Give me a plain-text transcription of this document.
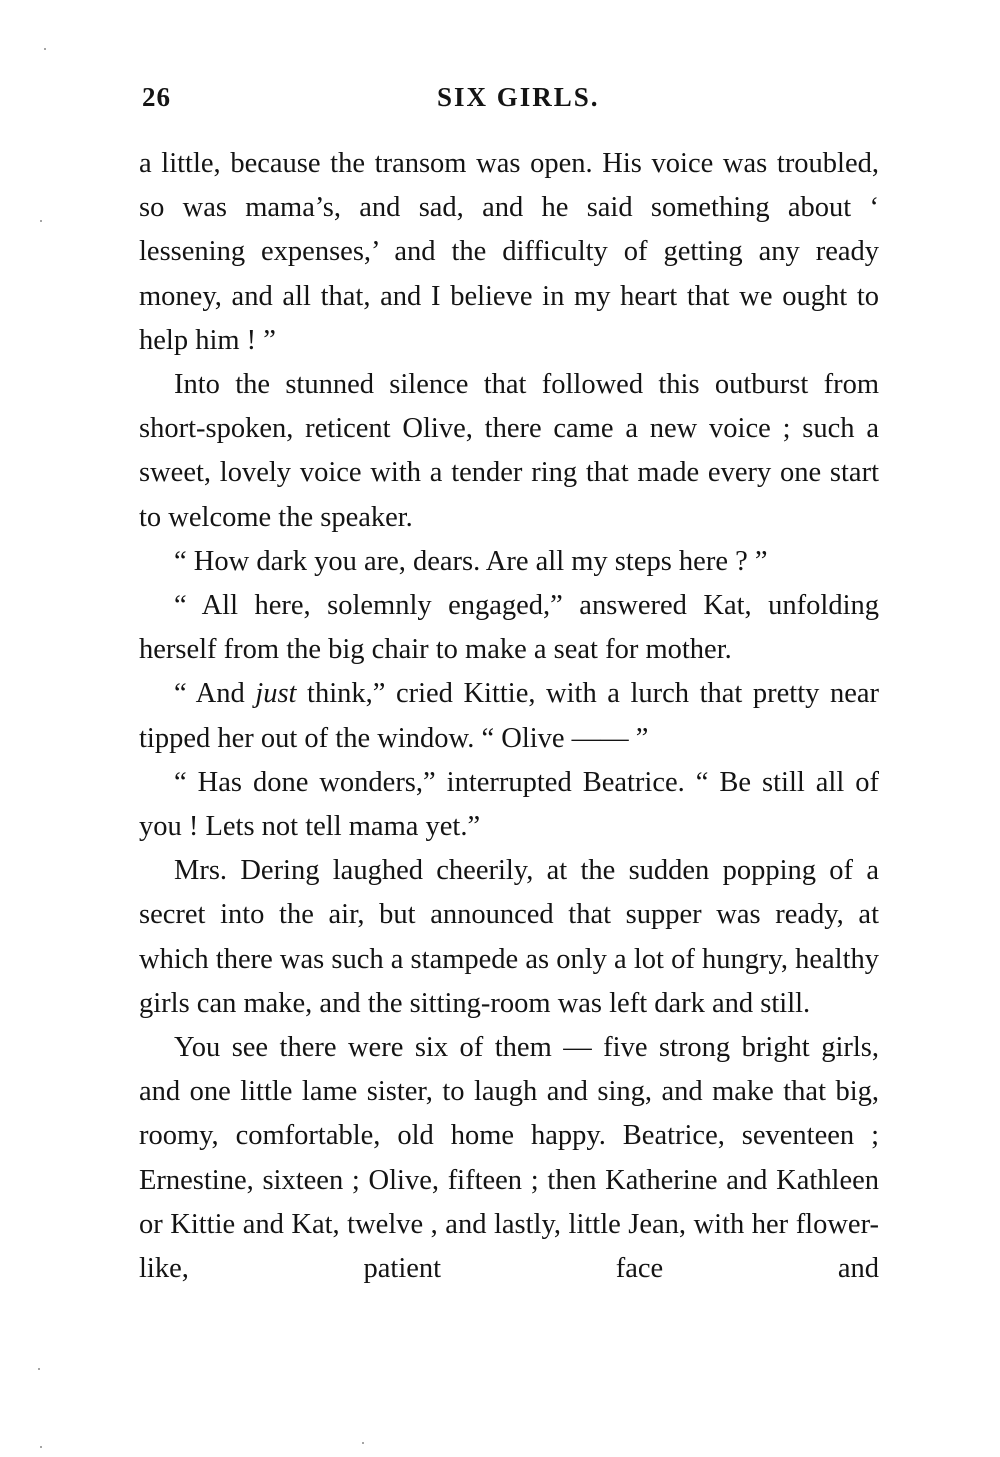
26	SIX GIRLS.

a little, because the transom was open. His voice was troubled, so was mama’s, and sad, and he said something about ‘ lessening expenses,’ and the difficulty of getting any ready money, and all that, and I believe in my heart that we ought to help him ! ”

Into the stunned silence that followed this outburst from short-spoken, reticent Olive, there came a new voice ; such a sweet, lovely voice with a tender ring that made every one start to welcome the speaker.

“ How dark you are, dears. Are all my steps here ? ”

“ All here, solemnly engaged,” answered Kat, unfolding herself from the big chair to make a seat for mother.

“ And just think,” cried Kittie, with a lurch that pretty near tipped her out of the window. “ Olive —— ”

“ Has done wonders,” interrupted Beatrice. “ Be still all of you ! Lets not tell mama yet.”

Mrs. Dering laughed cheerily, at the sudden popping of a secret into the air, but announced that supper was ready, at which there was such a stampede as only a lot of hungry, healthy girls can make, and the sitting-room was left dark and still.

You see there were six of them — five strong bright girls, and one little lame sister, to laugh and sing, and make that big, roomy, comfortable, old home happy. Beatrice, seventeen ; Ernestine, sixteen ; Olive, fifteen ; then Katherine and Kathleen or Kittie and Kat, twelve , and lastly, little Jean, with her flower-like, patient face and
